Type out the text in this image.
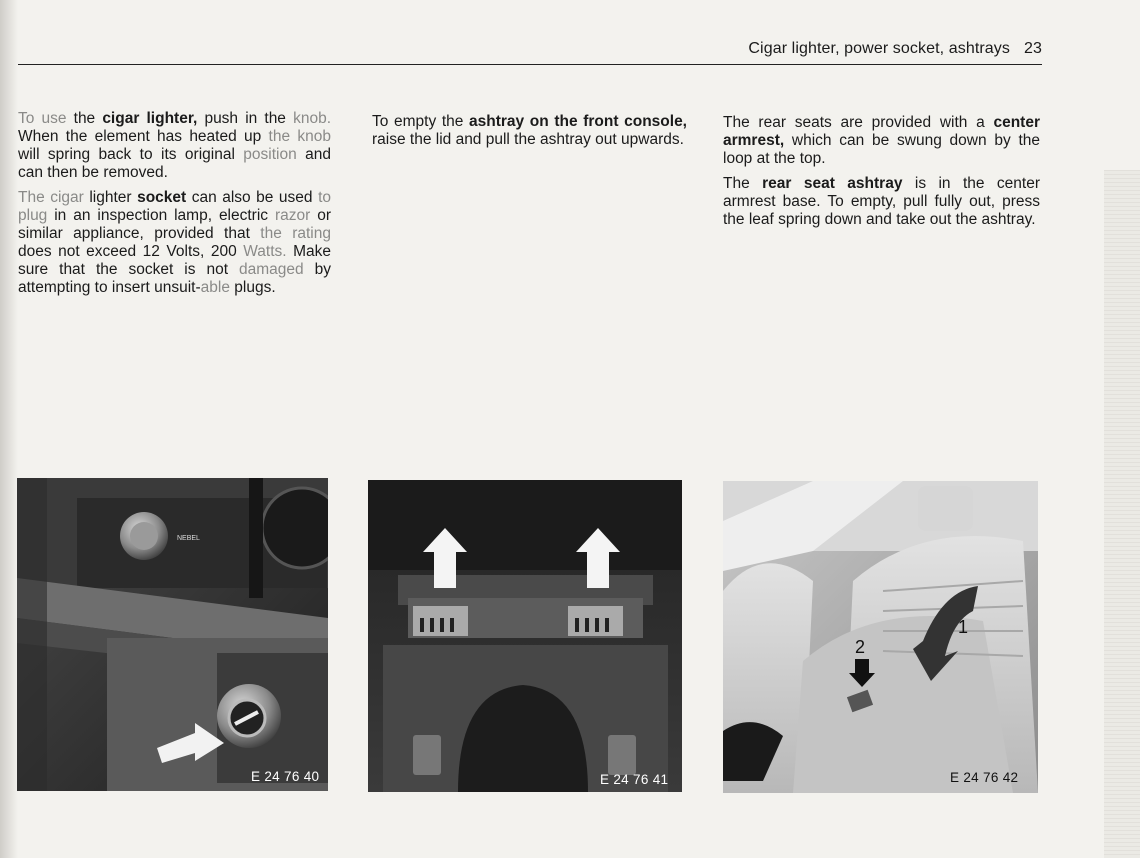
Cigar lighter, power socket, ashtrays 23

To use the cigar lighter, push in the knob. When the element has heated up the knob will spring back to its original position and can then be removed.

The cigar lighter socket can also be used to plug in an inspection lamp, electric razor or similar appliance, provided that the rating does not exceed 12 Volts, 200 Watts. Make sure that the socket is not damaged by attempting to insert unsuit-able plugs.

To empty the ashtray on the front console, raise the lid and pull the ashtray out upwards.

The rear seats are provided with a center armrest, which can be swung down by the loop at the top.

The rear seat ashtray is in the center armrest base. To empty, pull fully out, press the leaf spring down and take out the ashtray.

NEBEL
E 24 76 40	E 24 76 41
1
2
E 24 76 42
